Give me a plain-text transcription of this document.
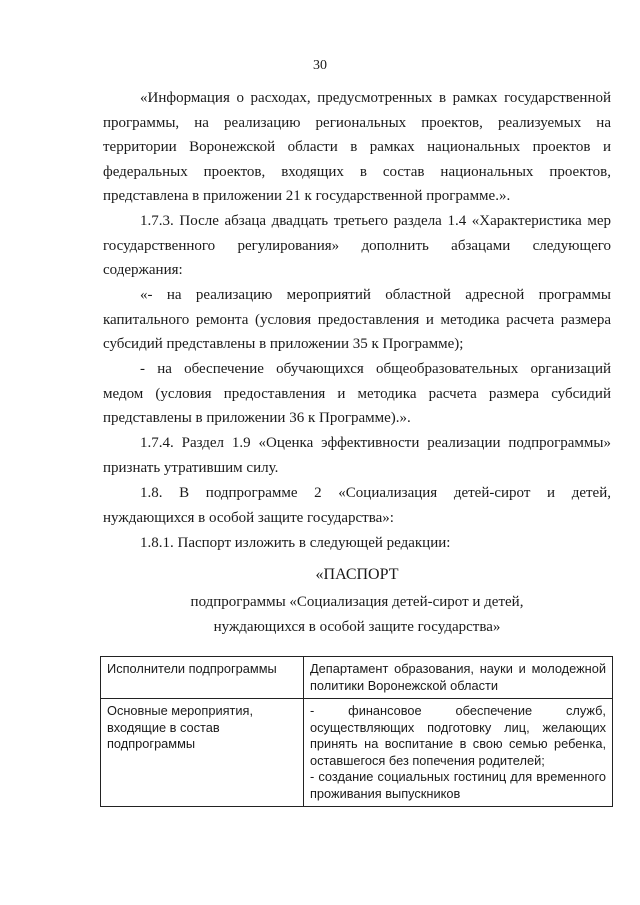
30
«Информация о расходах, предусмотренных в рамках государственной программы, на реализацию региональных проектов, реализуемых на территории Воронежской области в рамках национальных проектов и федеральных проектов, входящих в состав национальных проектов, представлена в приложении 21 к государственной программе.».
1.7.3. После абзаца двадцать третьего раздела 1.4 «Характеристика мер государственного регулирования» дополнить абзацами следующего содержания:
«- на реализацию мероприятий областной адресной программы капитального ремонта (условия предоставления и методика расчета размера субсидий представлены в приложении 35 к Программе);
- на обеспечение обучающихся общеобразовательных организаций медом (условия предоставления и методика расчета размера субсидий представлены в приложении 36 к Программе).».
1.7.4. Раздел 1.9 «Оценка эффективности реализации подпрограммы» признать утратившим силу.
1.8. В подпрограмме 2 «Социализация детей-сирот и детей, нуждающихся в особой защите государства»:
1.8.1. Паспорт изложить в следующей редакции:
«ПАСПОРТ
подпрограммы «Социализация детей-сирот и детей,
нуждающихся в особой защите государства»
Исполнители подпрограммы	Департамент образования, науки и молодежной политики Воронежской области

Основные мероприятия, входящие в состав подпрограммы	- финансовое обеспечение служб, осуществляющих подготовку лиц, желающих принять на воспитание в свою семью ребенка, оставшегося без попечения родителей;
- создание социальных гостиниц для временного проживания выпускников
